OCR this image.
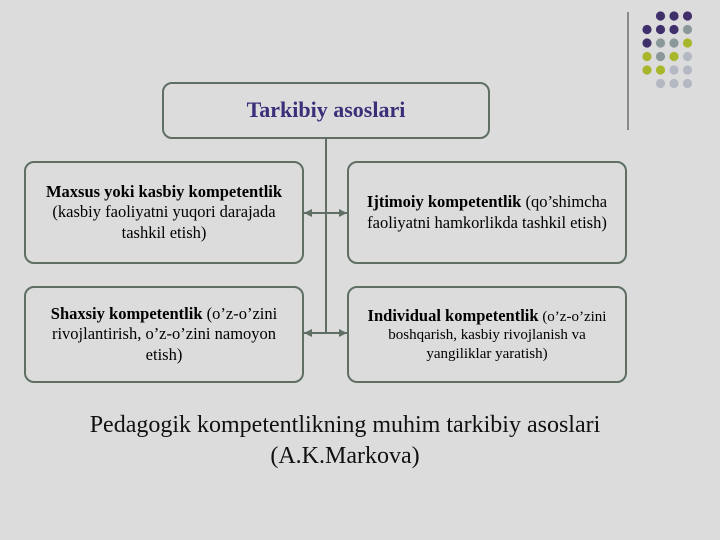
Tarkibiy asoslari
Maxsus yoki kasbiy kompetentlik (kasbiy faoliyatni yuqori darajada tashkil etish)
Ijtimoiy kompetentlik (qo’shimcha faoliyatni hamkorlikda tashkil etish)
Shaxsiy kompetentlik (o’z-o’zini rivojlantirish, o’z-o’zini namoyon etish)
Individual kompetentlik (o’z-o’zini boshqarish, kasbiy rivojlanish va yangiliklar yaratish)
Pedagogik kompetentlikning muhim tarkibiy asoslari
(A.K.Markova)
